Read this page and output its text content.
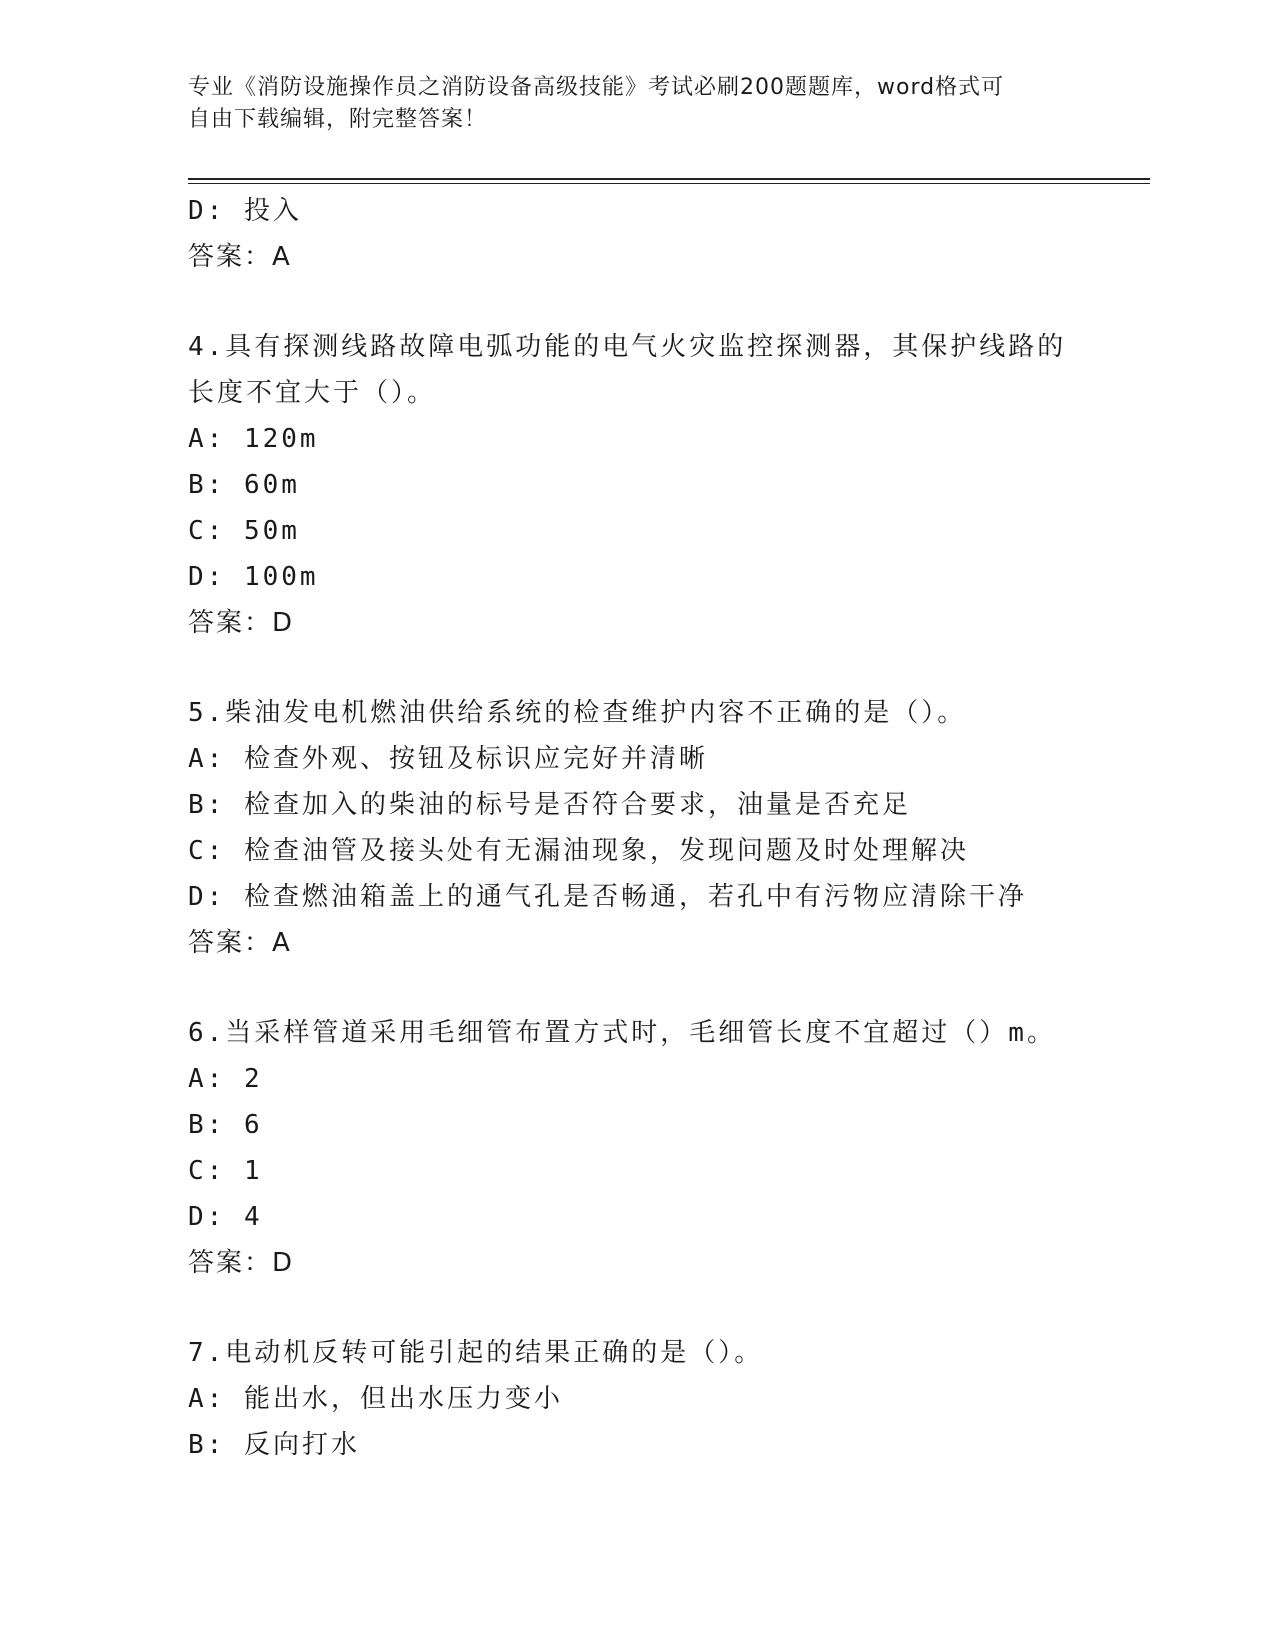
专业《消防设施操作员之消防设备高级技能》考试必刷200题题库，word格式可
自由下载编辑，附完整答案！
D: 投入
答案：A
4.具有探测线路故障电弧功能的电气火灾监控探测器，其保护线路的
长度不宜大于（）。
A: 120m
B: 60m
C: 50m
D: 100m
答案：D
5.柴油发电机燃油供给系统的检查维护内容不正确的是（）。
A: 检查外观、按钮及标识应完好并清晰
B: 检查加入的柴油的标号是否符合要求，油量是否充足
C: 检查油管及接头处有无漏油现象，发现问题及时处理解决
D: 检查燃油箱盖上的通气孔是否畅通，若孔中有污物应清除干净
答案：A
6.当采样管道采用毛细管布置方式时，毛细管长度不宜超过（）m。
A: 2
B: 6
C: 1
D: 4
答案：D
7.电动机反转可能引起的结果正确的是（）。
A: 能出水，但出水压力变小
B: 反向打水
